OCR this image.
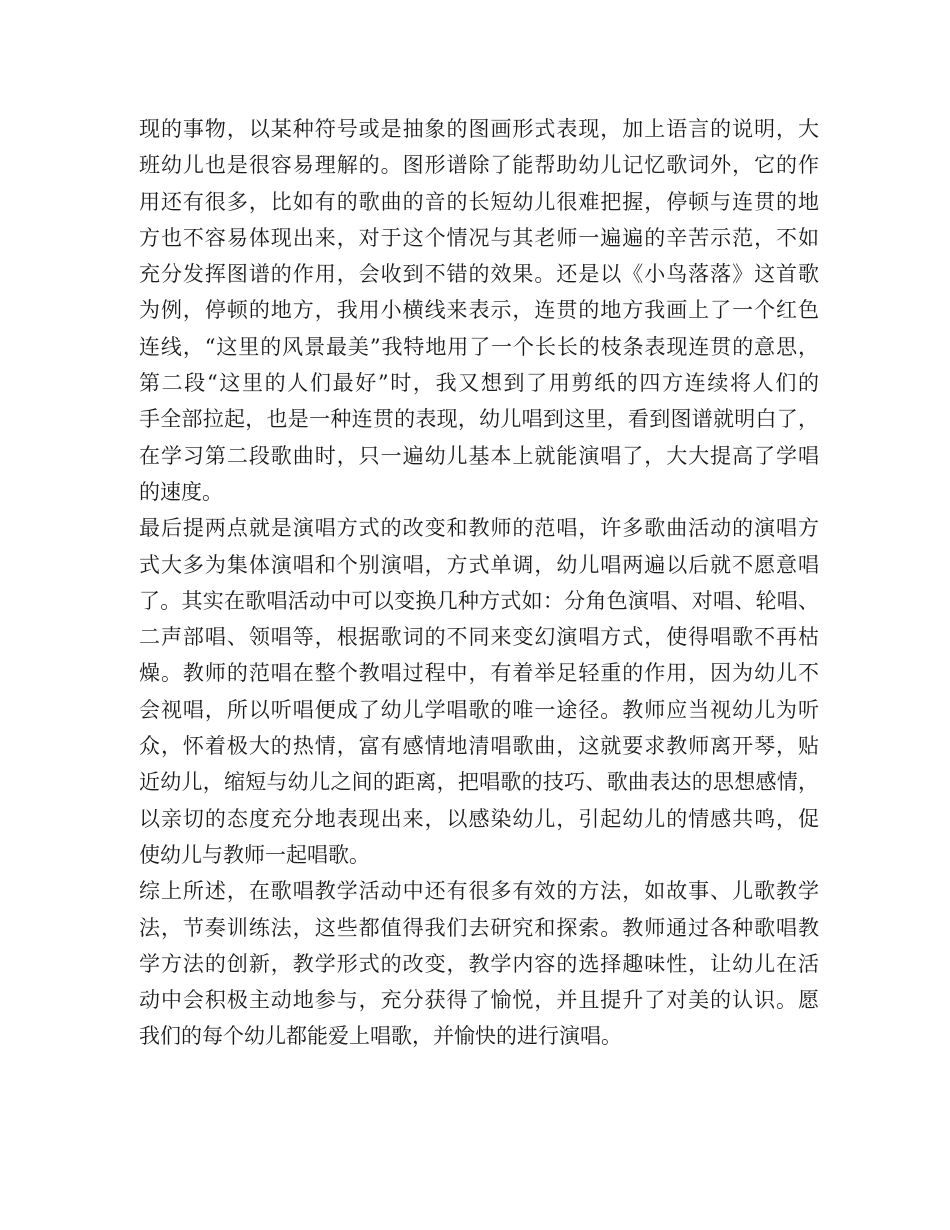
现的事物，以某种符号或是抽象的图画形式表现，加上语言的说明，大
班幼儿也是很容易理解的。图形谱除了能帮助幼儿记忆歌词外，它的作
用还有很多，比如有的歌曲的音的长短幼儿很难把握，停顿与连贯的地
方也不容易体现出来，对于这个情况与其老师一遍遍的辛苦示范，不如
充分发挥图谱的作用，会收到不错的效果。还是以《小鸟落落》这首歌
为例，停顿的地方，我用小横线来表示，连贯的地方我画上了一个红色
连线，“这里的风景最美”我特地用了一个长长的枝条表现连贯的意思，
第二段“这里的人们最好”时，我又想到了用剪纸的四方连续将人们的
手全部拉起，也是一种连贯的表现，幼儿唱到这里，看到图谱就明白了，
在学习第二段歌曲时，只一遍幼儿基本上就能演唱了，大大提高了学唱
的速度。
最后提两点就是演唱方式的改变和教师的范唱，许多歌曲活动的演唱方
式大多为集体演唱和个别演唱，方式单调，幼儿唱两遍以后就不愿意唱
了。其实在歌唱活动中可以变换几种方式如：分角色演唱、对唱、轮唱、
二声部唱、领唱等，根据歌词的不同来变幻演唱方式，使得唱歌不再枯
燥。教师的范唱在整个教唱过程中，有着举足轻重的作用，因为幼儿不
会视唱，所以听唱便成了幼儿学唱歌的唯一途径。教师应当视幼儿为听
众，怀着极大的热情，富有感情地清唱歌曲，这就要求教师离开琴，贴
近幼儿，缩短与幼儿之间的距离，把唱歌的技巧、歌曲表达的思想感情，
以亲切的态度充分地表现出来，以感染幼儿，引起幼儿的情感共鸣，促
使幼儿与教师一起唱歌。
综上所述，在歌唱教学活动中还有很多有效的方法，如故事、儿歌教学
法，节奏训练法，这些都值得我们去研究和探索。教师通过各种歌唱教
学方法的创新，教学形式的改变，教学内容的选择趣味性，让幼儿在活
动中会积极主动地参与，充分获得了愉悦，并且提升了对美的认识。愿
我们的每个幼儿都能爱上唱歌，并愉快的进行演唱。
